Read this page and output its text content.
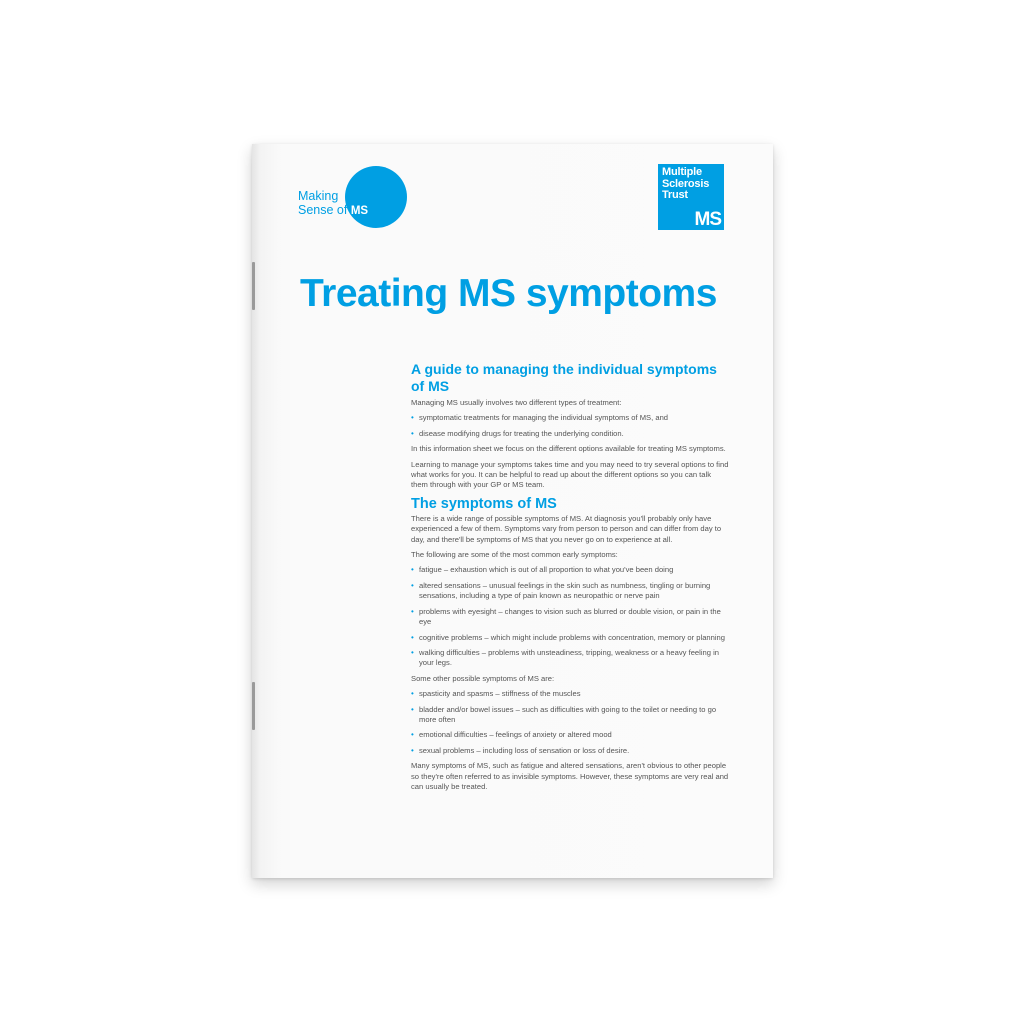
Making
Sense of MS
Multiple
Sclerosis
Trust
MS
Treating MS symptoms
A guide to managing the individual symptoms of MS

Managing MS usually involves two different types of treatment:

• symptomatic treatments for managing the individual symptoms of MS, and
• disease modifying drugs for treating the underlying condition.

In this information sheet we focus on the different options available for treating MS symptoms.

Learning to manage your symptoms takes time and you may need to try several options to find what works for you. It can be helpful to read up about the different options so you can talk them through with your GP or MS team.

The symptoms of MS

There is a wide range of possible symptoms of MS. At diagnosis you'll probably only have experienced a few of them. Symptoms vary from person to person and can differ from day to day, and there'll be symptoms of MS that you never go on to experience at all.

The following are some of the most common early symptoms:

• fatigue – exhaustion which is out of all proportion to what you've been doing
• altered sensations – unusual feelings in the skin such as numbness, tingling or burning sensations, including a type of pain known as neuropathic or nerve pain
• problems with eyesight – changes to vision such as blurred or double vision, or pain in the eye
• cognitive problems – which might include problems with concentration, memory or planning
• walking difficulties – problems with unsteadiness, tripping, weakness or a heavy feeling in your legs.

Some other possible symptoms of MS are:

• spasticity and spasms – stiffness of the muscles
• bladder and/or bowel issues – such as difficulties with going to the toilet or needing to go more often
• emotional difficulties – feelings of anxiety or altered mood
• sexual problems – including loss of sensation or loss of desire.

Many symptoms of MS, such as fatigue and altered sensations, aren't obvious to other people so they're often referred to as invisible symptoms. However, these symptoms are very real and can usually be treated.
